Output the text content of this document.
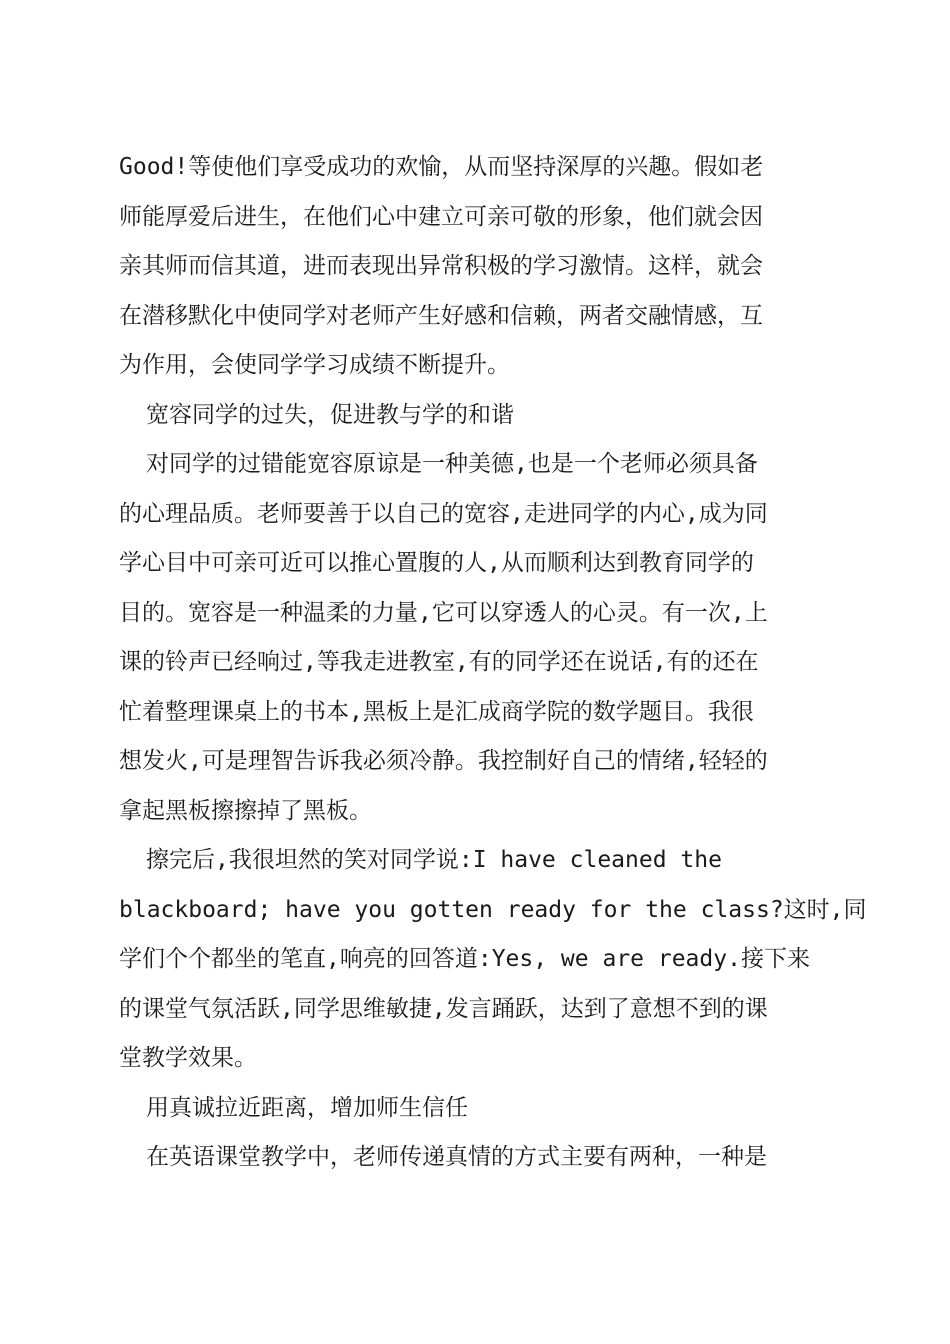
Good!等使他们享受成功的欢愉，从而坚持深厚的兴趣。假如老
师能厚爱后进生，在他们心中建立可亲可敬的形象，他们就会因
亲其师而信其道，进而表现出异常积极的学习激情。这样，就会
在潜移默化中使同学对老师产生好感和信赖，两者交融情感，互
为作用，会使同学学习成绩不断提升。
宽容同学的过失，促进教与学的和谐
对同学的过错能宽容原谅是一种美德,也是一个老师必须具备
的心理品质。老师要善于以自己的宽容,走进同学的内心,成为同
学心目中可亲可近可以推心置腹的人,从而顺利达到教育同学的
目的。宽容是一种温柔的力量,它可以穿透人的心灵。有一次,上
课的铃声已经响过,等我走进教室,有的同学还在说话,有的还在
忙着整理课桌上的书本,黑板上是汇成商学院的数学题目。我很
想发火,可是理智告诉我必须冷静。我控制好自己的情绪,轻轻的
拿起黑板擦擦掉了黑板。
擦完后,我很坦然的笑对同学说:I have cleaned the
blackboard; have you gotten ready for the class?这时,同
学们个个都坐的笔直,响亮的回答道:Yes, we are ready.接下来
的课堂气氛活跃,同学思维敏捷,发言踊跃，达到了意想不到的课
堂教学效果。
用真诚拉近距离，增加师生信任
在英语课堂教学中，老师传递真情的方式主要有两种，一种是
